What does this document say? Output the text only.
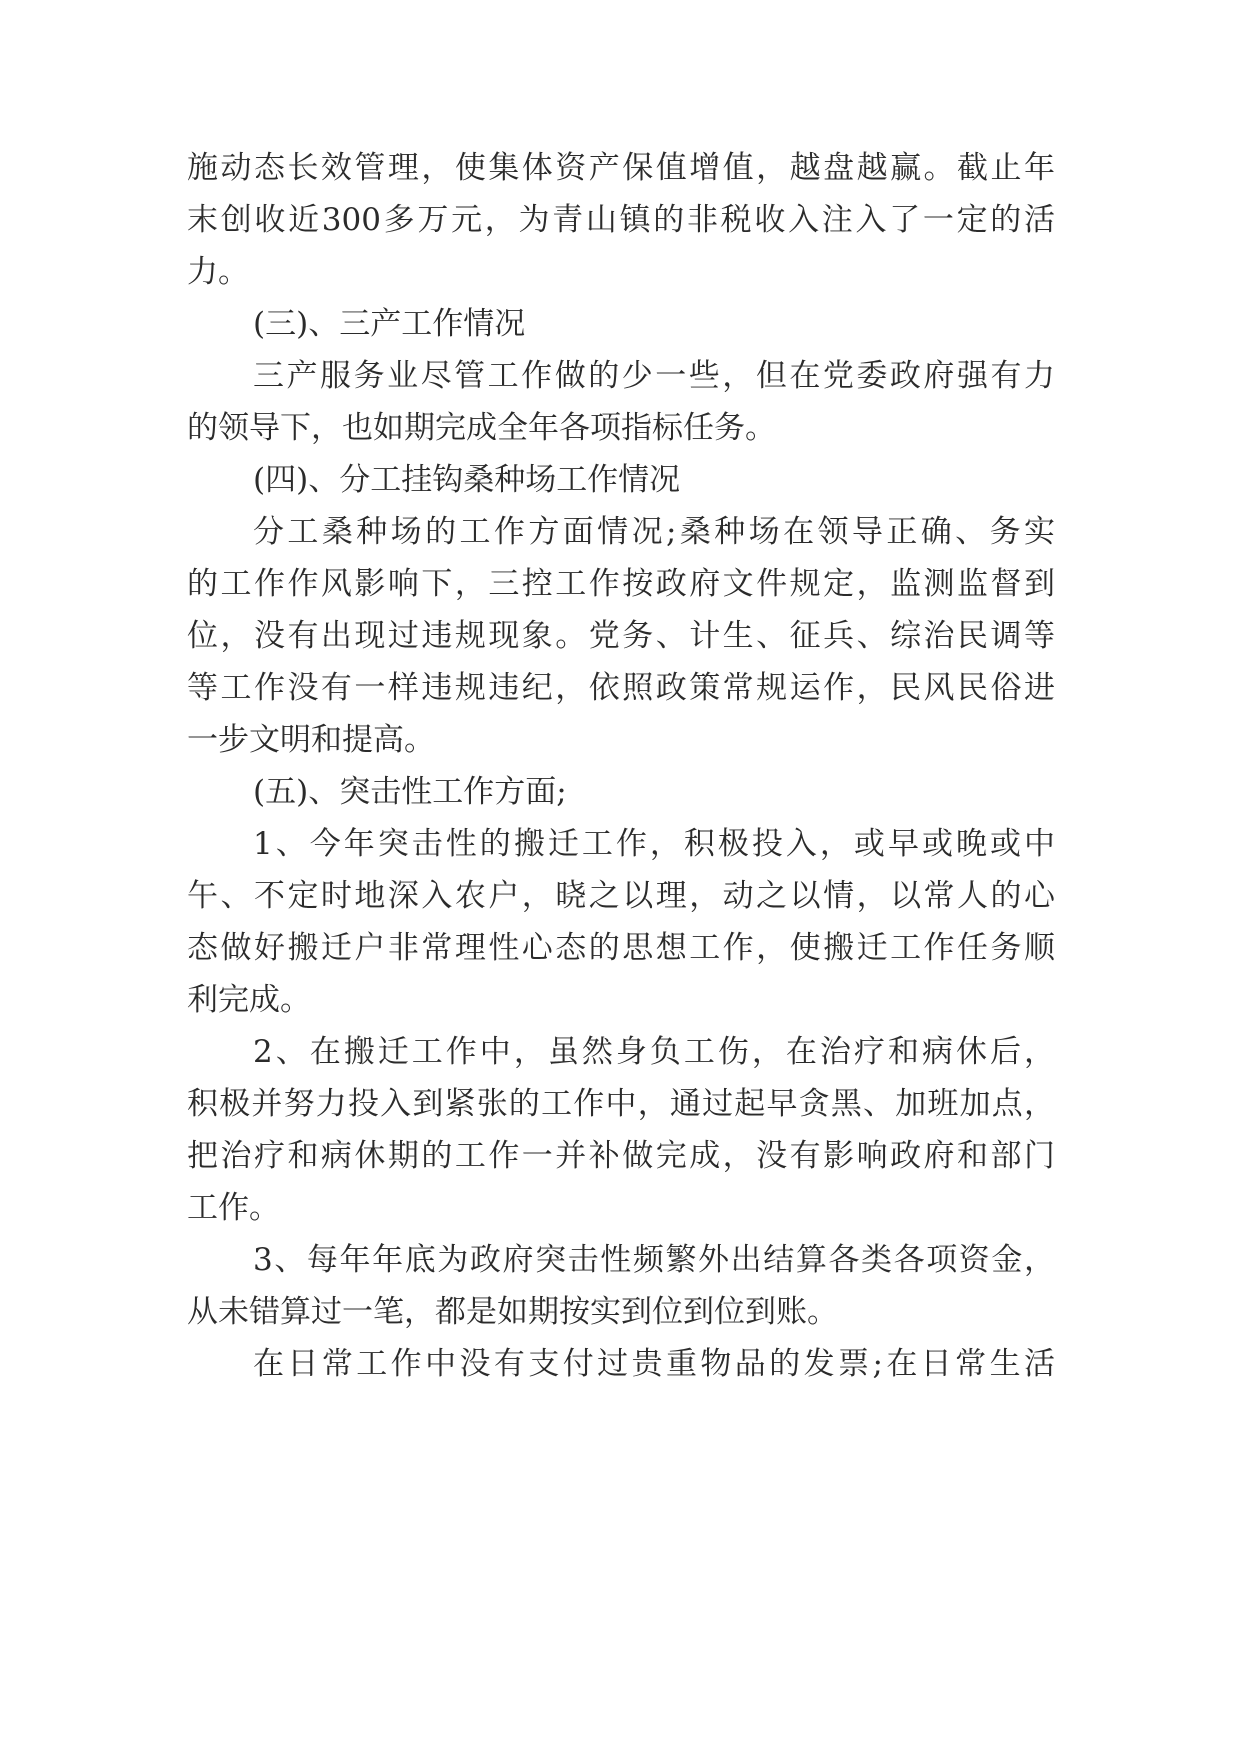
施动态长效管理，使集体资产保值增值，越盘越赢。截止年
末创收近300多万元，为青山镇的非税收入注入了一定的活
力。
(三)、三产工作情况
三产服务业尽管工作做的少一些，但在党委政府强有力
的领导下，也如期完成全年各项指标任务。
(四)、分工挂钩桑种场工作情况
分工桑种场的工作方面情况;桑种场在领导正确、务实
的工作作风影响下，三控工作按政府文件规定，监测监督到
位，没有出现过违规现象。党务、计生、征兵、综治民调等
等工作没有一样违规违纪，依照政策常规运作，民风民俗进
一步文明和提高。
(五)、突击性工作方面;
1、今年突击性的搬迁工作，积极投入，或早或晚或中
午、不定时地深入农户，晓之以理，动之以情，以常人的心
态做好搬迁户非常理性心态的思想工作，使搬迁工作任务顺
利完成。
2、在搬迁工作中，虽然身负工伤，在治疗和病休后，
积极并努力投入到紧张的工作中，通过起早贪黑、加班加点，
把治疗和病休期的工作一并补做完成，没有影响政府和部门
工作。
3、每年年底为政府突击性频繁外出结算各类各项资金，
从未错算过一笔，都是如期按实到位到位到账。
在日常工作中没有支付过贵重物品的发票;在日常生活
